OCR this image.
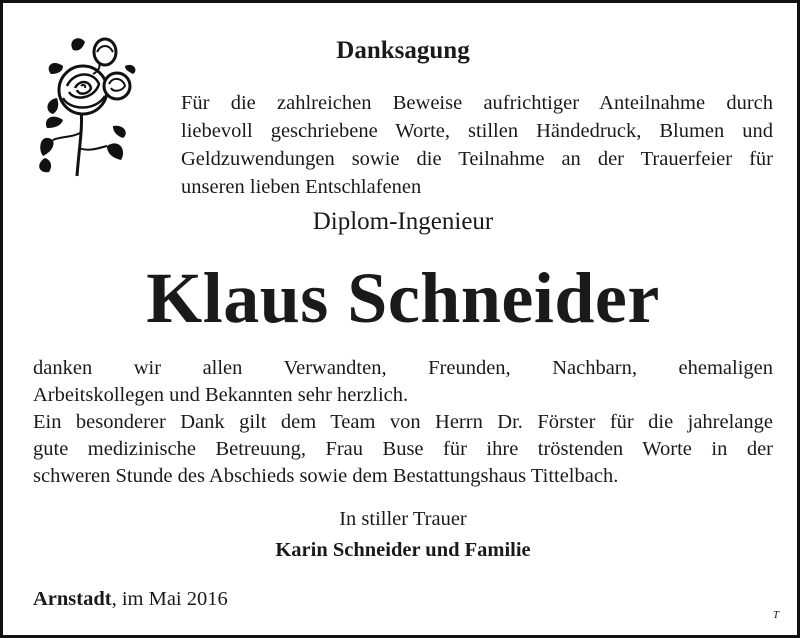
Danksagung
Für die zahlreichen Beweise aufrichtiger Anteilnahme durch
liebevoll geschriebene Worte, stillen Händedruck, Blumen und
Geldzuwendungen sowie die Teilnahme an der Trauerfeier für
unseren lieben Entschlafenen
Diplom-Ingenieur
Klaus Schneider
danken wir allen Verwandten, Freunden, Nachbarn, ehemaligen
Arbeitskollegen und Bekannten sehr herzlich.
Ein besonderer Dank gilt dem Team von Herrn Dr. Förster für die jahrelange
gute medizinische Betreuung, Frau Buse für ihre tröstenden Worte in der
schweren Stunde des Abschieds sowie dem Bestattungshaus Tittelbach.
In stiller Trauer
Karin Schneider und Familie
Arnstadt, im Mai 2016
T
